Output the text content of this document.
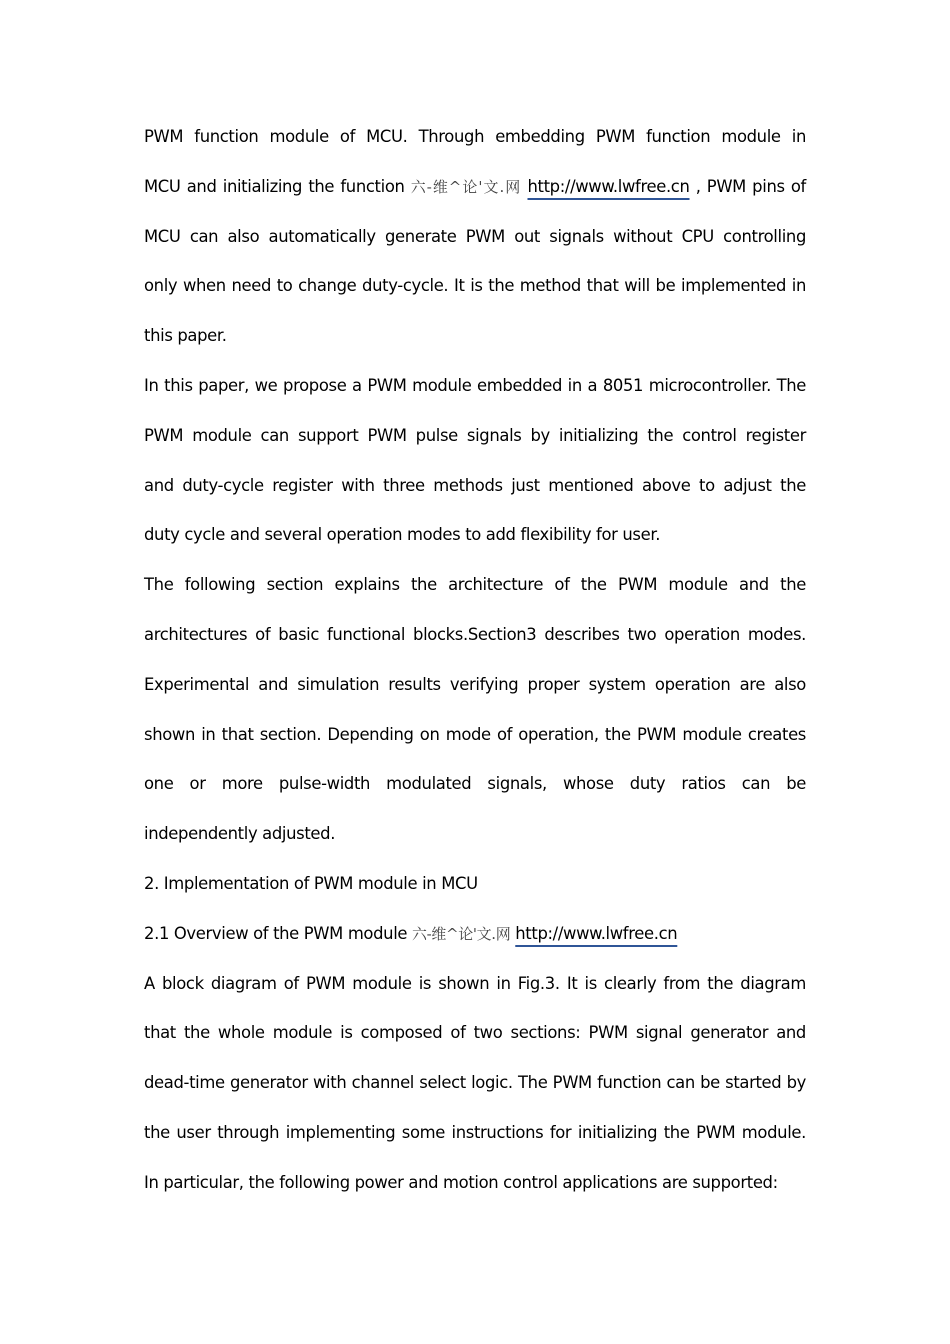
PWM function module of MCU. Through embedding PWM function module in
MCU and initializing the function 六-维^论'文.网 http://www.lwfree.cn , PWM pins of
MCU can also automatically generate PWM out signals without CPU controlling
only when need to change duty-cycle. It is the method that will be implemented in
this paper.
In this paper, we propose a PWM module embedded in a 8051 microcontroller. The
PWM module can support PWM pulse signals by initializing the control register
and duty-cycle register with three methods just mentioned above to adjust the
duty cycle and several operation modes to add flexibility for user.
The following section explains the architecture of the PWM module and the
architectures of basic functional blocks.Section3 describes two operation modes.
Experimental and simulation results verifying proper system operation are also
shown in that section. Depending on mode of operation, the PWM module creates
one or more pulse-width modulated signals, whose duty ratios can be
independently adjusted.
2. Implementation of PWM module in MCU
2.1 Overview of the PWM module 六-维^论'文.网 http://www.lwfree.cn
A block diagram of PWM module is shown in Fig.3. It is clearly from the diagram
that the whole module is composed of two sections: PWM signal generator and
dead-time generator with channel select logic. The PWM function can be started by
the user through implementing some instructions for initializing the PWM module.
In particular, the following power and motion control applications are supported:
